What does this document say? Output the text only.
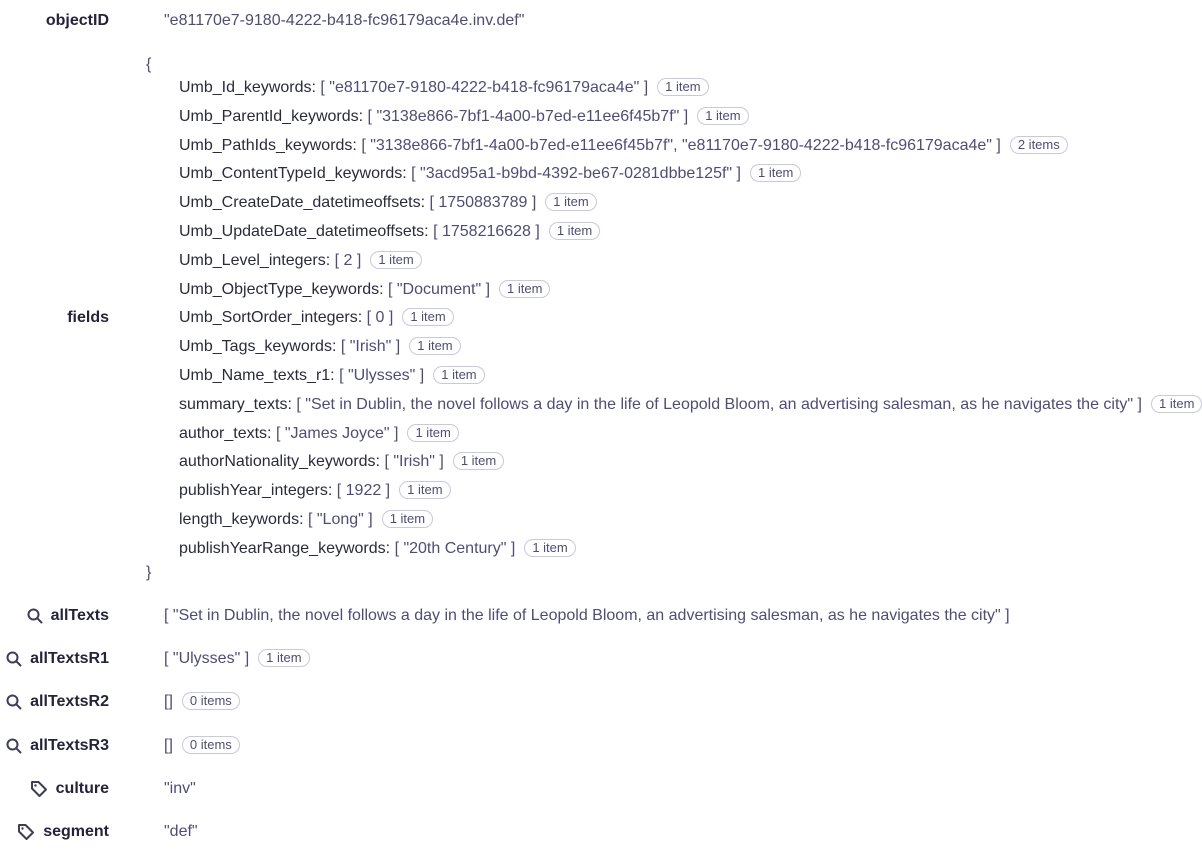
objectID	"e81170e7-9180-4222-b418-fc96179aca4e.inv.def"
fields
{
Umb_Id_keywords: [ "e81170e7-9180-4222-b418-fc96179aca4e" ] 1 item
Umb_ParentId_keywords: [ "3138e866-7bf1-4a00-b7ed-e11ee6f45b7f" ] 1 item
Umb_PathIds_keywords: [ "3138e866-7bf1-4a00-b7ed-e11ee6f45b7f", "e81170e7-9180-4222-b418-fc96179aca4e" ] 2 items
Umb_ContentTypeId_keywords: [ "3acd95a1-b9bd-4392-be67-0281dbbe125f" ] 1 item
Umb_CreateDate_datetimeoffsets: [ 1750883789 ] 1 item
Umb_UpdateDate_datetimeoffsets: [ 1758216628 ] 1 item
Umb_Level_integers: [ 2 ] 1 item
Umb_ObjectType_keywords: [ "Document" ] 1 item
Umb_SortOrder_integers: [ 0 ] 1 item
Umb_Tags_keywords: [ "Irish" ] 1 item
Umb_Name_texts_r1: [ "Ulysses" ] 1 item
summary_texts: [ "Set in Dublin, the novel follows a day in the life of Leopold Bloom, an advertising salesman, as he navigates the city" ] 1 item
author_texts: [ "James Joyce" ] 1 item
authorNationality_keywords: [ "Irish" ] 1 item
publishYear_integers: [ 1922 ] 1 item
length_keywords: [ "Long" ] 1 item
publishYearRange_keywords: [ "20th Century" ] 1 item
}
allTexts	[ "Set in Dublin, the novel follows a day in the life of Leopold Bloom, an advertising salesman, as he navigates the city" ]
allTextsR1	[ "Ulysses" ] 1 item
allTextsR2	[] 0 items
allTextsR3	[] 0 items
culture	"inv"
segment	"def"
